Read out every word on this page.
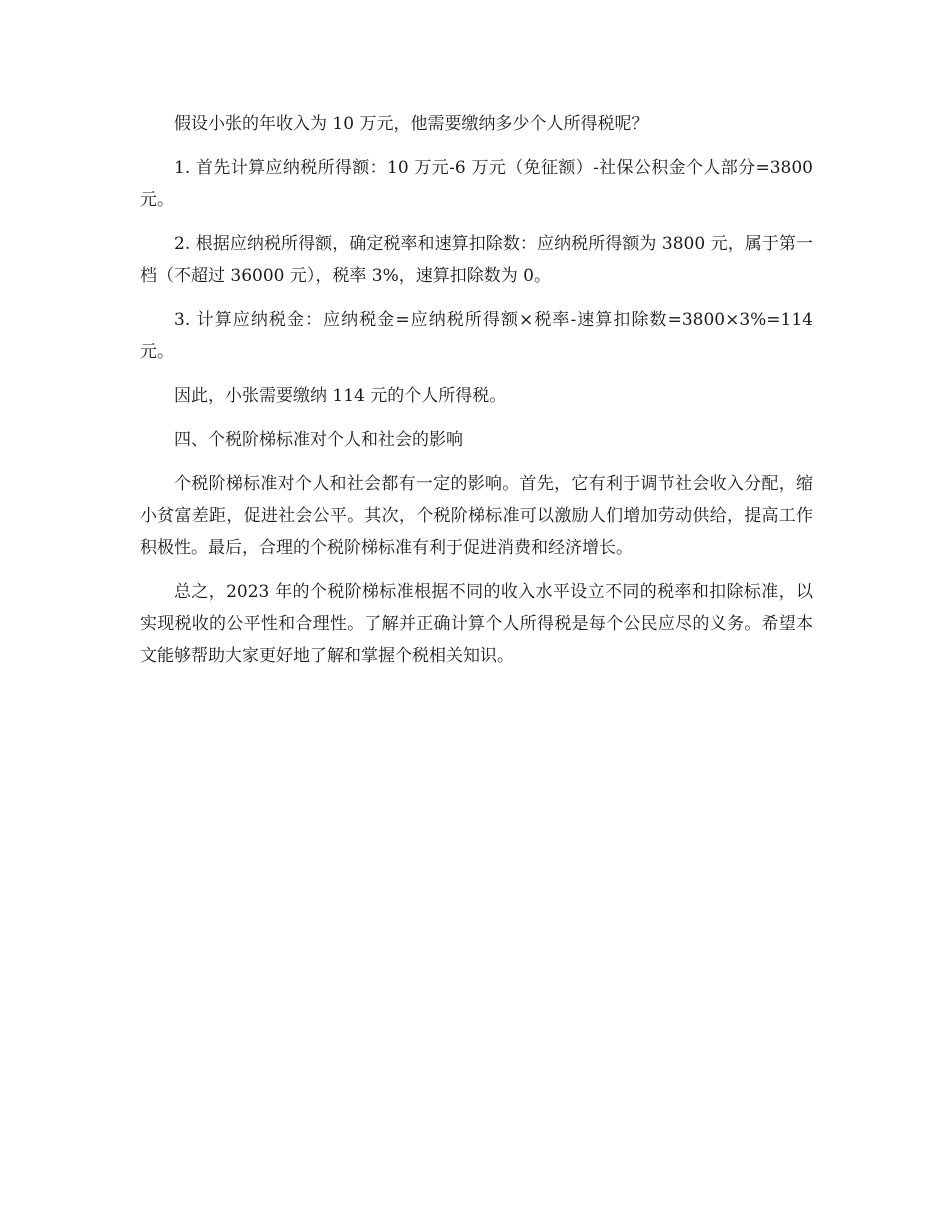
假设小张的年收入为 10 万元，他需要缴纳多少个人所得税呢？

1. 首先计算应纳税所得额：10 万元-6 万元（免征额）-社保公积金个人部分=3800 元。

2. 根据应纳税所得额，确定税率和速算扣除数：应纳税所得额为 3800 元，属于第一档（不超过 36000 元），税率 3%，速算扣除数为 0。

3. 计算应纳税金：应纳税金=应纳税所得额×税率-速算扣除数=3800×3%=114 元。

因此，小张需要缴纳 114 元的个人所得税。

四、个税阶梯标准对个人和社会的影响

个税阶梯标准对个人和社会都有一定的影响。首先，它有利于调节社会收入分配，缩小贫富差距，促进社会公平。其次，个税阶梯标准可以激励人们增加劳动供给，提高工作积极性。最后，合理的个税阶梯标准有利于促进消费和经济增长。

总之，2023 年的个税阶梯标准根据不同的收入水平设立不同的税率和扣除标准，以实现税收的公平性和合理性。了解并正确计算个人所得税是每个公民应尽的义务。希望本文能够帮助大家更好地了解和掌握个税相关知识。
